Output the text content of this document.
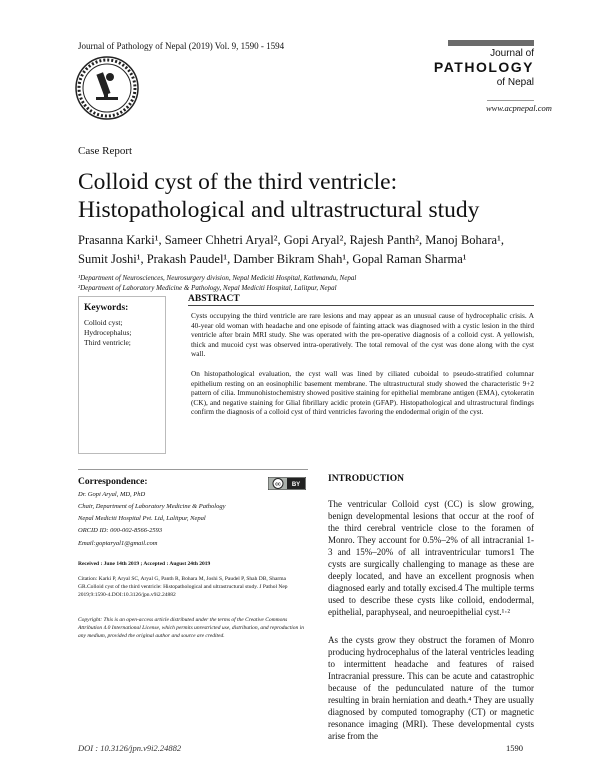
Journal of Pathology of Nepal (2019) Vol. 9, 1590 - 1594
Journal of
PATHOLOGY
of Nepal
www.acpnepal.com
Case Report
Colloid cyst of the third ventricle:
Histopathological and ultrastructural study
Prasanna Karki¹, Sameer Chhetri Aryal², Gopi Aryal², Rajesh Panth², Manoj Bohara¹,
Sumit Joshi¹, Prakash Paudel¹, Damber Bikram Shah¹, Gopal Raman Sharma¹
¹Department of Neurosciences, Neurosurgery division, Nepal Mediciti Hospital, Kathmandu, Nepal
²Department of Laboratory Medicine & Pathology, Nepal Mediciti Hospital, Lalitpur, Nepal
Keywords:
Colloid cyst;
Hydrocephalus;
Third ventricle;
ABSTRACT
Cysts occupying the third ventricle are rare lesions and may appear as an unusual cause of hydrocephalic crisis. A 40-year old woman with headache and one episode of fainting attack was diagnosed with a cystic lesion in the third ventricle after brain MRI study. She was operated with the pre-operative diagnosis of a colloid cyst. A yellowish, thick and mucoid cyst was observed intra-operatively. The total removal of the cyst was done along with the cyst wall.
On histopathological evaluation, the cyst wall was lined by ciliated cuboidal to pseudo-stratified columnar epithelium resting on an eosinophilic basement membrane. The ultrastructural study showed the characteristic 9+2 pattern of cilia. Immunohistochemistry showed positive staining for epithelial membrane antigen (EMA), cytokeratin (CK), and negative staining for Glial fibrillary acidic protein (GFAP). Histopathological and ultrastructural findings confirm the diagnosis of a colloid cyst of third ventricles favoring the endodermal origin of the cyst.
Correspondence:	cc BY
Dr. Gopi Aryal, MD, PhD
Chair, Department of Laboratory Medicine & Pathology
Nepal Mediciti Hospital Pvt. Ltd, Lalitpur, Nepal
ORCID ID: 000-002-8566-2593
Email:gopiaryal1@gmail.com
Received : June 14th 2019 ; Accepted : August 24th 2019
Citation: Karki P, Aryal SC, Aryal G, Panth R, Bohara M, Joshi S, Paudel P, Shah DB, Sharma GR.Colloid cyst of the third ventricle: Histopathological and ultrastructural study. J Pathol Nep 2019;9:1590-4.DOI:10.3126/jpn.v9i2.24882
Copyright: This is an open-access article distributed under the terms of the Creative Commons Attribution 4.0 International License, which permits unrestricted use, distribution, and reproduction in any medium, provided the original author and source are credited.
INTRODUCTION
The ventricular Colloid cyst (CC) is slow growing, benign developmental lesions that occur at the roof of the third cerebral ventricle close to the foramen of Monro. They account for 0.5%–2% of all intracranial 1-3 and 15%–20% of all intraventricular tumors1 The cysts are surgically challenging to manage as these are deeply located, and have an excellent prognosis when diagnosed early and totally excised.4 The multiple terms used to describe these cysts like colloid, endodermal, epithelial, paraphyseal, and neuroepithelial cyst.¹·²
As the cysts grow they obstruct the foramen of Monro producing hydrocephalus of the lateral ventricles leading to intermittent headache and features of raised Intracranial pressure. This can be acute and catastrophic because of the pedunculated nature of the tumor resulting in brain herniation and death.⁴ They are usually diagnosed by computed tomography (CT) or magnetic resonance imaging (MRI). These developmental cysts arise from the
DOI : 10.3126/jpn.v9i2.24882	1590
